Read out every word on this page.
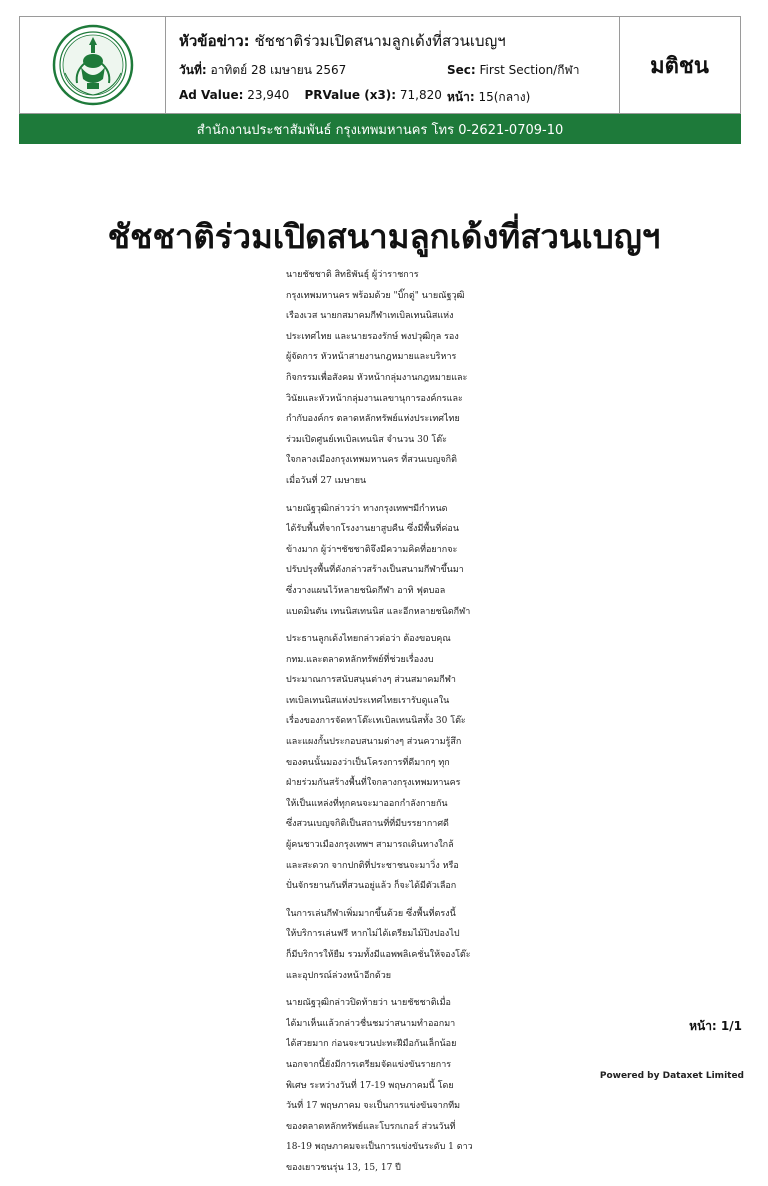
หัวข้อข่าว: ชัชชาติร่วมเปิดสนามลูกเด้งที่สวนเบญฯ
วันที่: อาทิตย์ 28 เมษายน 2567	Sec: First Section/กีฬา
Ad Value: 23,940 PRValue (x3): 71,820 หน้า: 15(กลาง)
มติชน
สำนักงานประชาสัมพันธ์ กรุงเทพมหานคร โทร 0-2621-0709-10
ชัชชาติร่วมเปิดสนามลูกเด้งที่สวนเบญฯ

นายชัชชาติ สิทธิพันธุ์ ผู้ว่าราชการ
กรุงเทพมหานคร พร้อมด้วย "บิ๊กตู่" นายณัฐวุฒิ
เรืองเวส นายกสมาคมกีฬาเทเบิลเทนนิสแห่ง
ประเทศไทย และนายรองรักษ์ พงปวุฒิกุล รอง
ผู้จัดการ หัวหน้าสายงานกฎหมายและบริหาร
กิจกรรมเพื่อสังคม หัวหน้ากลุ่มงานกฎหมายและ
วินัยและหัวหน้ากลุ่มงานเลขานุการองค์กรและ
กำกับองค์กร ตลาดหลักทรัพย์แห่งประเทศไทย
ร่วมเปิดศูนย์เทเบิลเทนนิส จำนวน 30 โต๊ะ
ใจกลางเมืองกรุงเทพมหานคร ที่สวนเบญจกิติ
เมื่อวันที่ 27 เมษายน

นายณัฐวุฒิกล่าวว่า ทางกรุงเทพฯมีกำหนด
ได้รับพื้นที่จากโรงงานยาสูบคืน ซึ่งมีพื้นที่ค่อน
ข้างมาก ผู้ว่าฯชัชชาติจึงมีความคิดที่อยากจะ
ปรับปรุงพื้นที่ดังกล่าวสร้างเป็นสนามกีฬาขึ้นมา
ซึ่งวางแผนไว้หลายชนิดกีฬา อาทิ ฟุตบอล
แบดมินตัน เทนนิสเทนนิส และอีกหลายชนิดกีฬา

ประธานลูกเด้งไทยกล่าวต่อว่า ต้องขอบคุณ
กทม.และตลาดหลักทรัพย์ที่ช่วยเรื่องงบ
ประมาณการสนับสนุนต่างๆ ส่วนสมาคมกีฬา
เทเบิลเทนนิสแห่งประเทศไทยเรารับดูแลใน
เรื่องของการจัดหาโต๊ะเทเบิลเทนนิสทั้ง 30 โต๊ะ
และแผงกั้นประกอบสนามต่างๆ ส่วนความรู้สึก
ของตนนั้นมองว่าเป็นโครงการที่ดีมากๆ ทุก
ฝ่ายร่วมกันสร้างพื้นที่ใจกลางกรุงเทพมหานคร
ให้เป็นแหล่งที่ทุกคนจะมาออกกำลังกายกัน
ซึ่งสวนเบญจกิติเป็นสถานที่ที่มีบรรยากาศดี
ผู้คนชาวเมืองกรุงเทพฯ สามารถเดินทางใกล้
และสะดวก จากปกติที่ประชาชนจะมาวิ่ง หรือ
ปั่นจักรยานกันที่สวนอยู่แล้ว ก็จะได้มีตัวเลือก

ในการเล่นกีฬาเพิ่มมากขึ้นด้วย ซึ่งพื้นที่ตรงนี้
ให้บริการเล่นฟรี หากไม่ได้เตรียมไม้ปิงปองไป
ก็มีบริการให้ยืม รวมทั้งมีแอพพลิเคชั่นให้จองโต๊ะ
และอุปกรณ์ล่วงหน้าอีกด้วย

นายณัฐวุฒิกล่าวปิดท้ายว่า นายชัชชาติเมื่อ
ได้มาเห็นแล้วกล่าวชื่นชมว่าสนามทำออกมา
ได้สวยมาก ก่อนจะขวนปะทะฝีมือกันเล็กน้อย
นอกจากนี้ยังมีการเตรียมจัดแข่งขันรายการ
พิเศษ ระหว่างวันที่ 17-19 พฤษภาคมนี้ โดย
วันที่ 17 พฤษภาคม จะเป็นการแข่งขันจากทีม
ของตลาดหลักทรัพย์และโบรกเกอร์ ส่วนวันที่
18-19 พฤษภาคมจะเป็นการแข่งขันระดับ 1 ดาว
ของเยาวชนรุ่น 13, 15, 17 ปี

หน้า: 1/1
Powered by Dataxet Limited
